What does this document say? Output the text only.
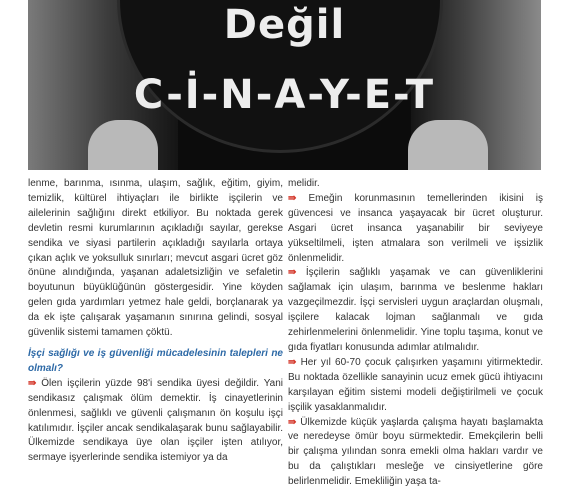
Değil
C-İ-N-A-Y-E-T

lenme, barınma, ısınma, ulaşım, sağlık, eğitim, giyim, temizlik, kültürel ihtiyaçları ile birlikte işçilerin ve ailelerinin sağlığını direkt etkiliyor. Bu noktada gerek devletin resmi kurumlarının açıkladığı sayılar, gerekse sendika ve siyasi partilerin açıkladığı sayılarla ortaya çıkan açlık ve yoksulluk sınırları; mevcut asgari ücret göz önüne alındığında, yaşanan adaletsizliğin ve sefaletin boyutunun büyüklüğünün göstergesidir. Yine köyden gelen gıda yardımları yetmez hale geldi, borçlanarak ya da ek işte çalışarak yaşamanın sınırına gelindi, sosyal güvenlik sistemi tamamen çöktü.

İşçi sağlığı ve iş güvenliği mücadelesinin talepleri ne olmalı?

⇛ Ölen işçilerin yüzde 98'i sendika üyesi değildir. Yani sendikasız çalışmak ölüm demektir. İş cinayetlerinin önlenmesi, sağlıklı ve güvenli çalışmanın ön koşulu işçi katılımıdır. İşçiler ancak sendikalaşarak bunu sağlayabilir. Ülkemizde sendikaya üye olan işçiler işten atılıyor, sermaye işyerlerinde sendika istemiyor ya da

melidir.

⇛ Emeğin korunmasının temellerinden ikisini iş güvencesi ve insanca yaşayacak bir ücret oluşturur. Asgari ücret insanca yaşanabilir bir seviyeye yükseltilmeli, işten atmalara son verilmeli ve işsizlik önlenmelidir.

⇛ İşçilerin sağlıklı yaşamak ve can güvenliklerini sağlamak için ulaşım, barınma ve beslenme hakları vazgeçilmezdir. İşçi servisleri uygun araçlardan oluşmalı, işçilere kalacak lojman sağlanmalı ve gıda zehirlenmelerini önlenmelidir. Yine toplu taşıma, konut ve gıda fiyatları konusunda adımlar atılmalıdır.

⇛ Her yıl 60-70 çocuk çalışırken yaşamını yitirmektedir. Bu noktada özellikle sanayinin ucuz emek gücü ihtiyacını karşılayan eğitim sistemi modeli değiştirilmeli ve çocuk işçilik yasaklanmalıdır.

⇛ Ülkemizde küçük yaşlarda çalışma hayatı başlamakta ve neredeyse ömür boyu sürmektedir. Emekçilerin belli bir çalışma yılından sonra emekli olma hakları vardır ve bu da çalıştıkları mesleğe ve cinsiyetlerine göre belirlenmelidir. Emekliliğin yaşa ta-
